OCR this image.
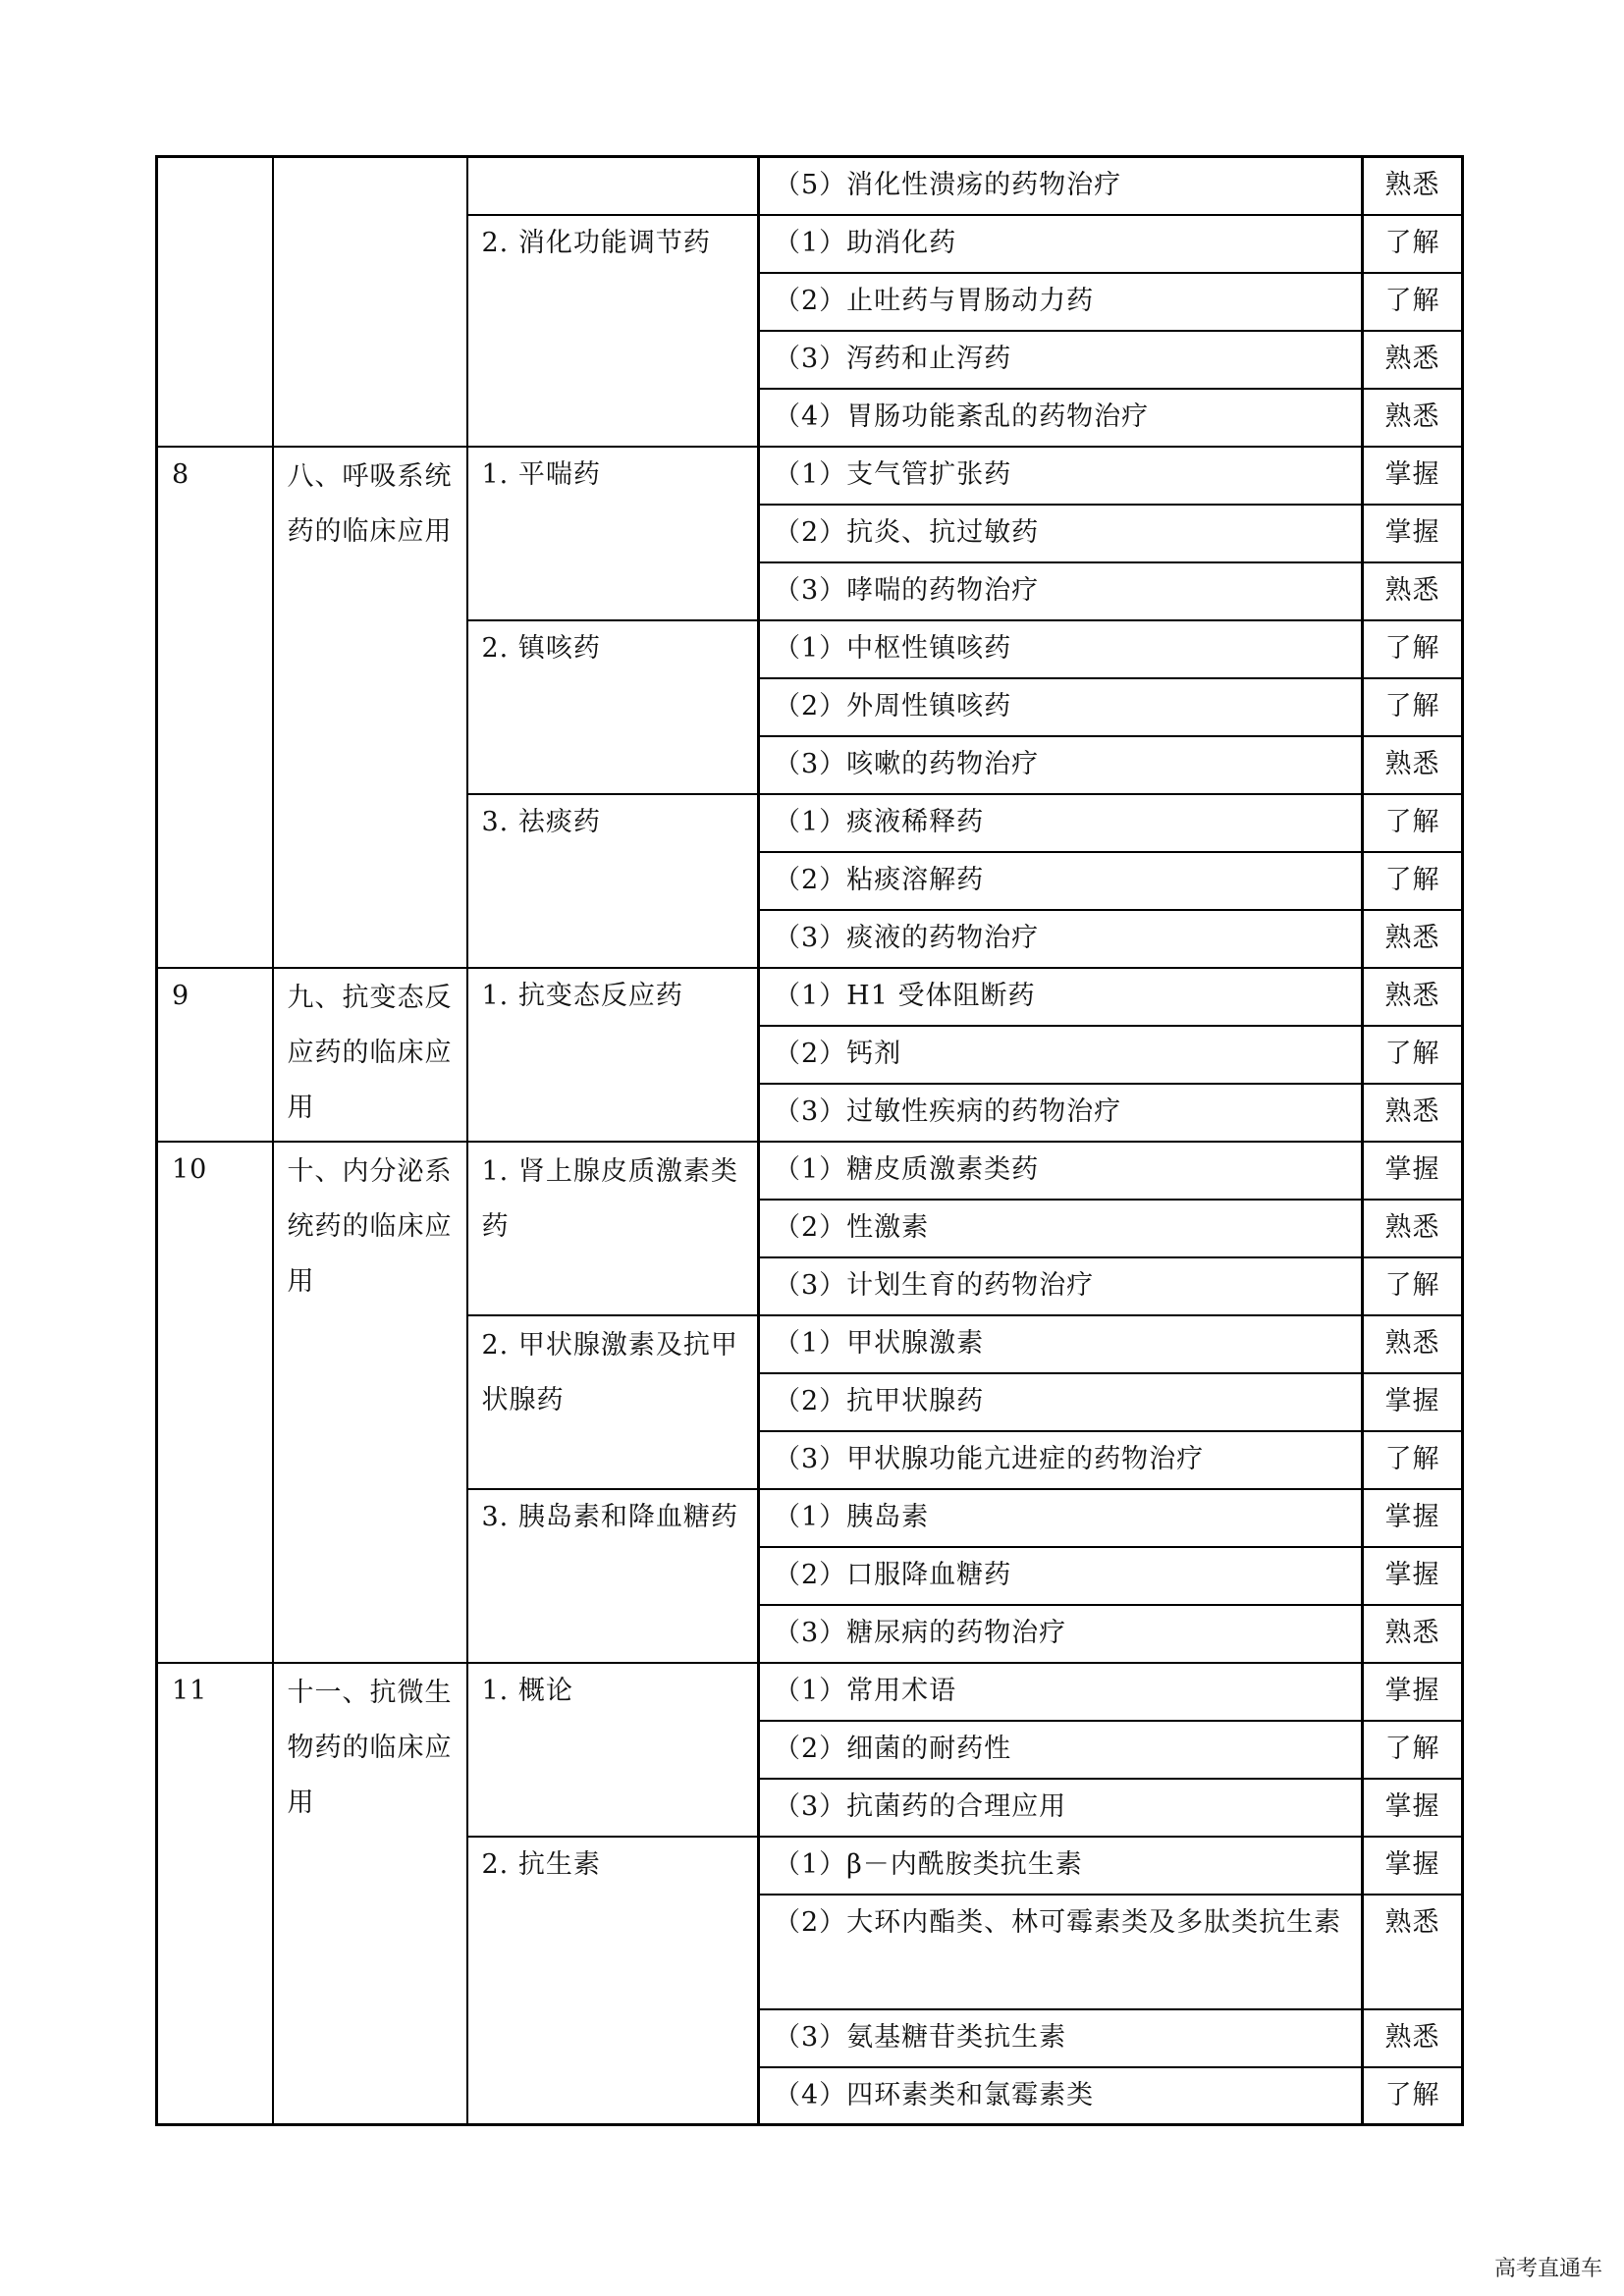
			（5）消化性溃疡的药物治疗	熟悉
		2. 消化功能调节药	（1）助消化药	了解
			（2）止吐药与胃肠动力药	了解
			（3）泻药和止泻药	熟悉
			（4）胃肠功能紊乱的药物治疗	熟悉
8	八、呼吸系统药的临床应用	1. 平喘药	（1）支气管扩张药	掌握
			（2）抗炎、抗过敏药	掌握
			（3）哮喘的药物治疗	熟悉
		2. 镇咳药	（1）中枢性镇咳药	了解
			（2）外周性镇咳药	了解
			（3）咳嗽的药物治疗	熟悉
		3. 祛痰药	（1）痰液稀释药	了解
			（2）粘痰溶解药	了解
			（3）痰液的药物治疗	熟悉
9	九、抗变态反应药的临床应用	1. 抗变态反应药	（1）H1 受体阻断药	熟悉
			（2）钙剂	了解
			（3）过敏性疾病的药物治疗	熟悉
10	十、内分泌系统药的临床应用	1. 肾上腺皮质激素类药	（1）糖皮质激素类药	掌握
			（2）性激素	熟悉
			（3）计划生育的药物治疗	了解
		2. 甲状腺激素及抗甲状腺药	（1）甲状腺激素	熟悉
			（2）抗甲状腺药	掌握
			（3）甲状腺功能亢进症的药物治疗	了解
		3. 胰岛素和降血糖药	（1）胰岛素	掌握
			（2）口服降血糖药	掌握
			（3）糖尿病的药物治疗	熟悉
11	十一、抗微生物药的临床应用	1. 概论	（1）常用术语	掌握
			（2）细菌的耐药性	了解
			（3）抗菌药的合理应用	掌握
		2. 抗生素	（1）β－内酰胺类抗生素	掌握
			（2）大环内酯类、林可霉素类及多肽类抗生素	熟悉
			（3）氨基糖苷类抗生素	熟悉
			（4）四环素类和氯霉素类	了解
高考直通车
